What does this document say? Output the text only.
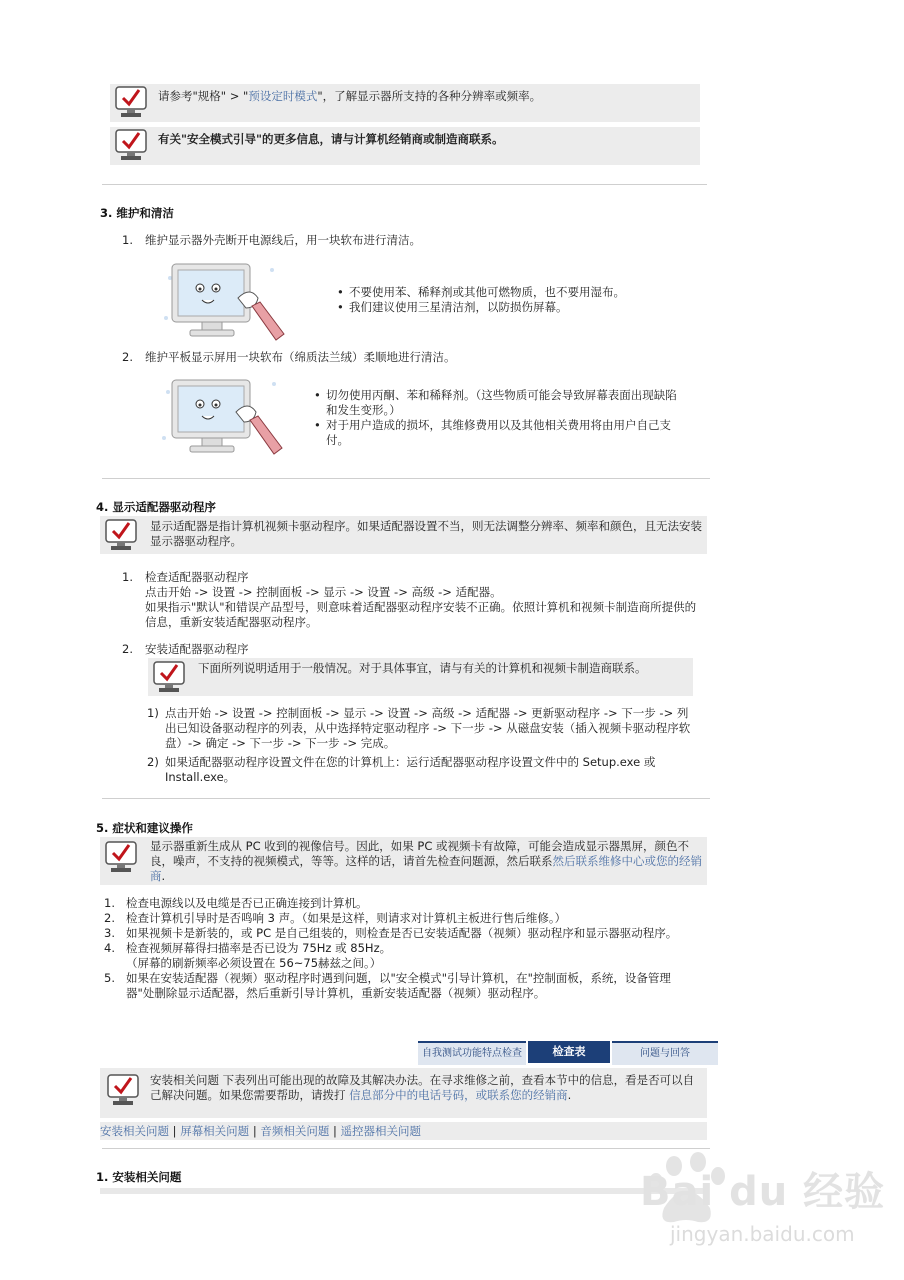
请参考"规格" > "预设定时模式"，了解显示器所支持的各种分辨率或频率。
有关"安全模式引导"的更多信息，请与计算机经销商或制造商联系。
3. 维护和清洁
1. 维护显示器外壳断开电源线后，用一块软布进行清洁。
• 不要使用苯、稀释剂或其他可燃物质，也不要用湿布。
• 我们建议使用三星清洁剂，以防损伤屏幕。
2. 维护平板显示屏用一块软布（绵质法兰绒）柔顺地进行清洁。
• 切勿使用丙酮、苯和稀释剂。（这些物质可能会导致屏幕表面出现缺陷和发生变形。）
• 对于用户造成的损坏，其维修费用以及其他相关费用将由用户自己支付。
4. 显示适配器驱动程序
显示适配器是指计算机视频卡驱动程序。如果适配器设置不当，则无法调整分辨率、频率和颜色，且无法安装显示器驱动程序。
1. 检查适配器驱动程序
点击开始 -> 设置 -> 控制面板 -> 显示 -> 设置 -> 高级 -> 适配器。
如果指示"默认"和错误产品型号，则意味着适配器驱动程序安装不正确。依照计算机和视频卡制造商所提供的信息，重新安装适配器驱动程序。
2. 安装适配器驱动程序
下面所列说明适用于一般情况。对于具体事宜，请与有关的计算机和视频卡制造商联系。
1) 点击开始 -> 设置 -> 控制面板 -> 显示 -> 设置 -> 高级 -> 适配器 -> 更新驱动程序 -> 下一步 -> 列出已知设备驱动程序的列表，从中选择特定驱动程序 -> 下一步 -> 从磁盘安装（插入视频卡驱动程序软盘）-> 确定 -> 下一步 -> 下一步 -> 完成。
2) 如果适配器驱动程序设置文件在您的计算机上：运行适配器驱动程序设置文件中的 Setup.exe 或 Install.exe。
5. 症状和建议操作
显示器重新生成从 PC 收到的视像信号。因此，如果 PC 或视频卡有故障，可能会造成显示器黑屏，颜色不良，噪声，不支持的视频模式，等等。这样的话，请首先检查问题源，然后联系然后联系维修中心或您的经销商.
1. 检查电源线以及电缆是否已正确连接到计算机。
2. 检查计算机引导时是否鸣响 3 声。（如果是这样，则请求对计算机主板进行售后维修。）
3. 如果视频卡是新装的，或 PC 是自己组装的，则检查是否已安装适配器（视频）驱动程序和显示器驱动程序。
4. 检查视频屏幕得扫描率是否已设为 75Hz 或 85Hz。
（屏幕的刷新频率必须设置在 56~75赫兹之间。）
5. 如果在安装适配器（视频）驱动程序时遇到问题，以"安全模式"引导计算机，在"控制面板，系统，设备管理器"处删除显示适配器，然后重新引导计算机，重新安装适配器（视频）驱动程序。
自我测试功能特点检查	检查表	问题与回答
安装相关问题 下表列出可能出现的故障及其解决办法。在寻求维修之前，查看本节中的信息，看是否可以自己解决问题。如果您需要帮助，请拨打 信息部分中的电话号码，或联系您的经销商.
安装相关问题 | 屏幕相关问题 | 音频相关问题 | 遥控器相关问题
1. 安装相关问题	Bai du 经验
jingyan.baidu.com
